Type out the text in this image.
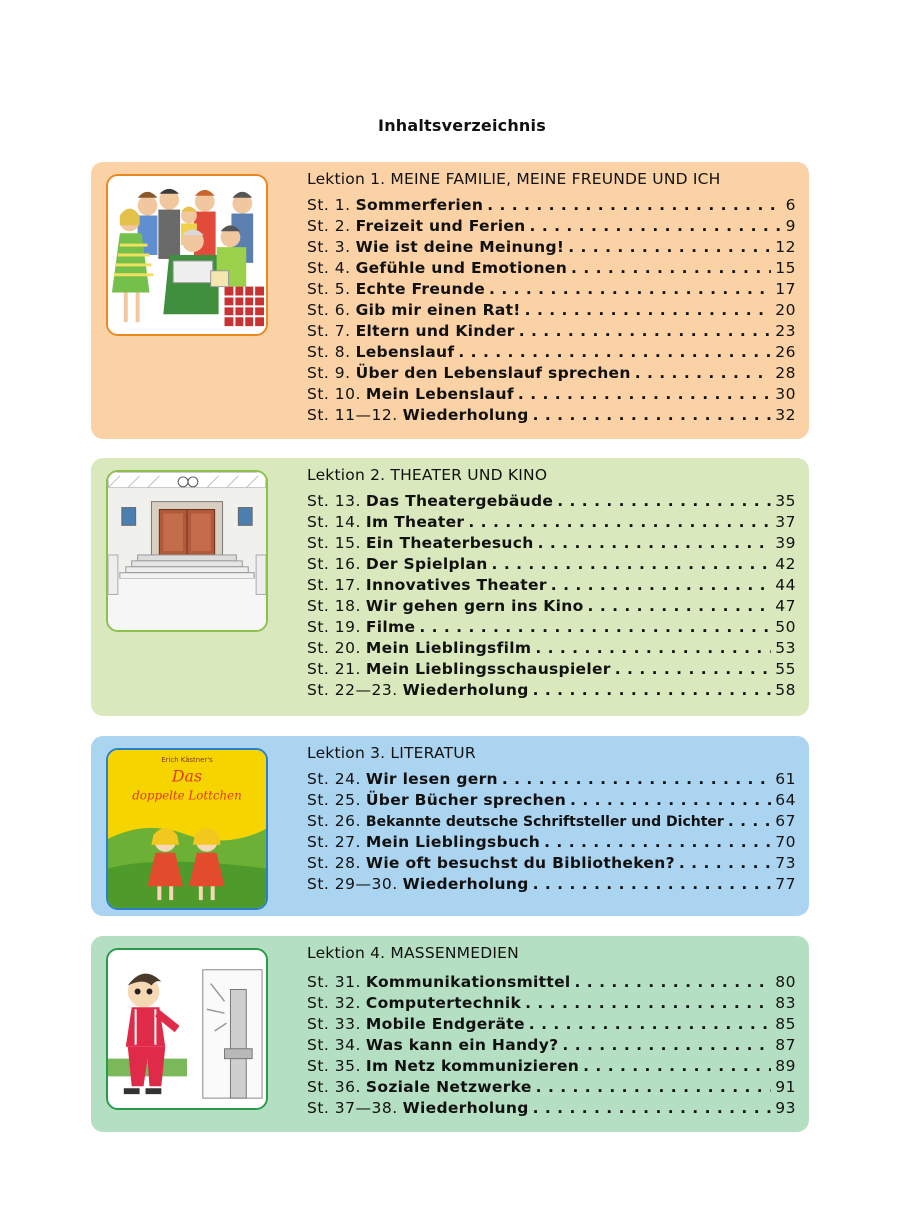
Inhaltsverzeichnis
Lektion 1. MEINE FAMILIE, MEINE FREUNDE UND ICH
St. 1. Sommerferien . . .	6
St. 2. Freizeit und Ferien . . .	9
St. 3. Wie ist deine Meinung! . . .	12
St. 4. Gefühle und Emotionen . . .	15
St. 5. Echte Freunde . . .	17
St. 6. Gib mir einen Rat! . . .	20
St. 7. Eltern und Kinder . . .	23
St. 8. Lebenslauf . . .	26
St. 9. Über den Lebenslauf sprechen . . .	28
St. 10. Mein Lebenslauf . . .	30
St. 11—12. Wiederholung . . .	32
Lektion 2. THEATER UND KINO
St. 13. Das Theatergebäude . . .	35
St. 14. Im Theater . . .	37
St. 15. Ein Theaterbesuch . . .	39
St. 16. Der Spielplan . . .	42
St. 17. Innovatives Theater . . .	44
St. 18. Wir gehen gern ins Kino . . .	47
St. 19. Filme . . .	50
St. 20. Mein Lieblingsfilm . . .	53
St. 21. Mein Lieblingsschauspieler . . .	55
St. 22—23. Wiederholung . . .	58
Erich Kästner's
Das
doppelte Lottchen
Lektion 3. LITERATUR
St. 24. Wir lesen gern . . .	61
St. 25. Über Bücher sprechen . . .	64
St. 26. Bekannte deutsche Schriftsteller und Dichter . . .	67
St. 27. Mein Lieblingsbuch . . .	70
St. 28. Wie oft besuchst du Bibliotheken? . . .	73
St. 29—30. Wiederholung . . .	77
Lektion 4. MASSENMEDIEN
St. 31. Kommunikationsmittel . . .	80
St. 32. Computertechnik . . .	83
St. 33. Mobile Endgeräte . . .	85
St. 34. Was kann ein Handy? . . .	87
St. 35. Im Netz kommunizieren . . .	89
St. 36. Soziale Netzwerke . . .	91
St. 37—38. Wiederholung . . .	93
